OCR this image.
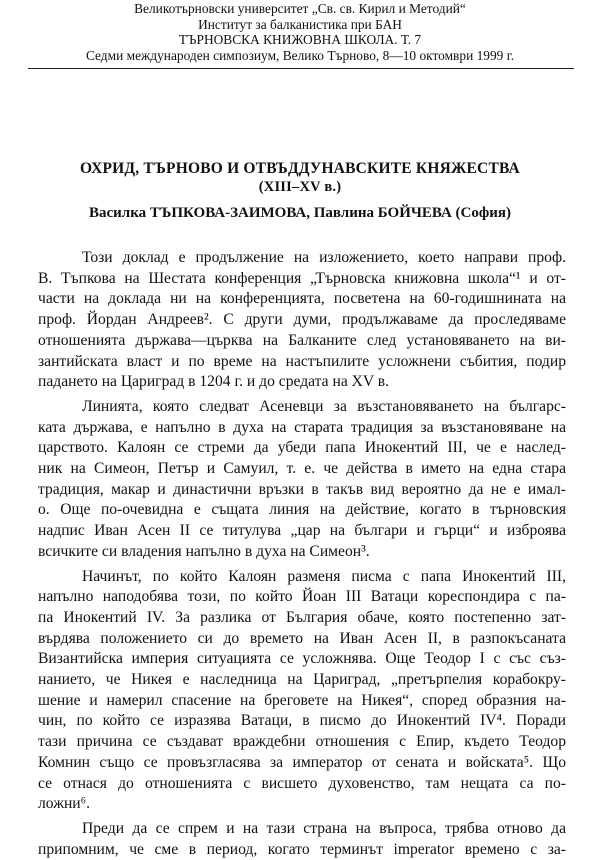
Великотърновски университет „Св. св. Кирил и Методий“
Институт за балканистика при БАН
ТЪРНОВСКА КНИЖОВНА ШКОЛА. Т. 7
Седми международен симпозиум, Велико Търново, 8—10 октомври 1999 г.
ОХРИД, ТЪРНОВО И ОТВЪДДУНАВСКИТЕ КНЯЖЕСТВА
(XIII–XV в.)
Василка ТЪПКОВА-ЗАИМОВА, Павлина БОЙЧЕВА (София)
Този доклад е продължение на изложението, което направи проф.
В. Тъпкова на Шестата конференция „Търновска книжовна школа“¹ и от-
части на доклада ни на конференцията, посветена на 60-годишнината на
проф. Йордан Андреев². С други думи, продължаваме да проследяваме
отношенията държава—църква на Балканите след установяването на ви-
зантийската власт и по време на настъпилите усложнени събития, подир
падането на Цариград в 1204 г. и до средата на XV в.
Линията, която следват Асеневци за възстановяването на българс-
ката държава, е напълно в духа на старата традиция за възстановяване на
царството. Калоян се стреми да убеди папа Инокентий III, че е наслед-
ник на Симеон, Петър и Самуил, т. е. че действа в името на една стара
традиция, макар и династични връзки в такъв вид вероятно да не е имал-
о. Още по-очевидна е същата линия на действие, когато в търновския
надпис Иван Асен II се титулува „цар на българи и гърци“ и изброява
всичките си владения напълно в духа на Симеон³.
Начинът, по който Калоян разменя писма с папа Инокентий III,
напълно наподобява този, по който Йоан III Ватаци кореспондира с па-
па Инокентий IV. За разлика от България обаче, която постепенно зат-
върдява положението си до времето на Иван Асен II, в разпокъсаната
Византийска империя ситуацията се усложнява. Още Теодор I с със съз-
нанието, че Никея е наследница на Цариград, „претърпелия корабокру-
шение и намерил спасение на бреговете на Никея“, според образния на-
чин, по който се изразява Ватаци, в писмо до Инокентий IV⁴. Поради
тази причина се създават враждебни отношения с Епир, където Теодор
Комнин също се провъзгласява за император от сената и войската⁵. Що
се отнася до отношенията с висшето духовенство, там нещата са по-
ложни⁶.
Преди да се спрем и на тази страна на въпроса, трябва отново да
припомним, че сме в период, когато терминът imperator времено с за-
